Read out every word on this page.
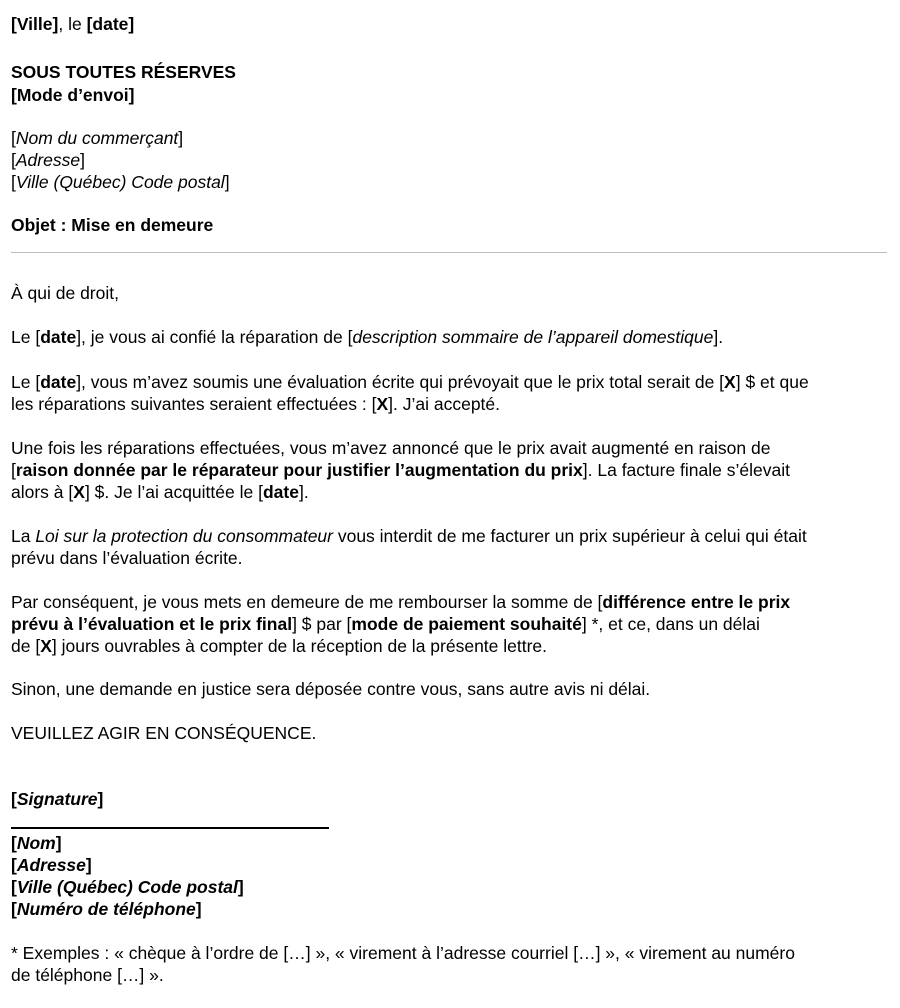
[Ville], le [date]

SOUS TOUTES RÉSERVES

[Mode d’envoi]

[Nom du commerçant]

[Adresse]

[Ville (Québec) Code postal]

Objet : Mise en demeure

À qui de droit,

Le [date], je vous ai confié la réparation de [description sommaire de l’appareil domestique].

Le [date], vous m’avez soumis une évaluation écrite qui prévoyait que le prix total serait de [X] $ et que

les réparations suivantes seraient effectuées : [X]. J’ai accepté.

Une fois les réparations effectuées, vous m’avez annoncé que le prix avait augmenté en raison de

[raison donnée par le réparateur pour justifier l’augmentation du prix]. La facture finale s’élevait

alors à [X] $. Je l’ai acquittée le [date].

La Loi sur la protection du consommateur vous interdit de me facturer un prix supérieur à celui qui était

prévu dans l’évaluation écrite.

Par conséquent, je vous mets en demeure de me rembourser la somme de [différence entre le prix

prévu à l’évaluation et le prix final] $ par [mode de paiement souhaité] *, et ce, dans un délai

de [X] jours ouvrables à compter de la réception de la présente lettre.

Sinon, une demande en justice sera déposée contre vous, sans autre avis ni délai.

VEUILLEZ AGIR EN CONSÉQUENCE.

[Signature]

[Nom]

[Adresse]

[Ville (Québec) Code postal]

[Numéro de téléphone]

* Exemples : « chèque à l’ordre de […] », « virement à l’adresse courriel […] », « virement au numéro

de téléphone […] ».
